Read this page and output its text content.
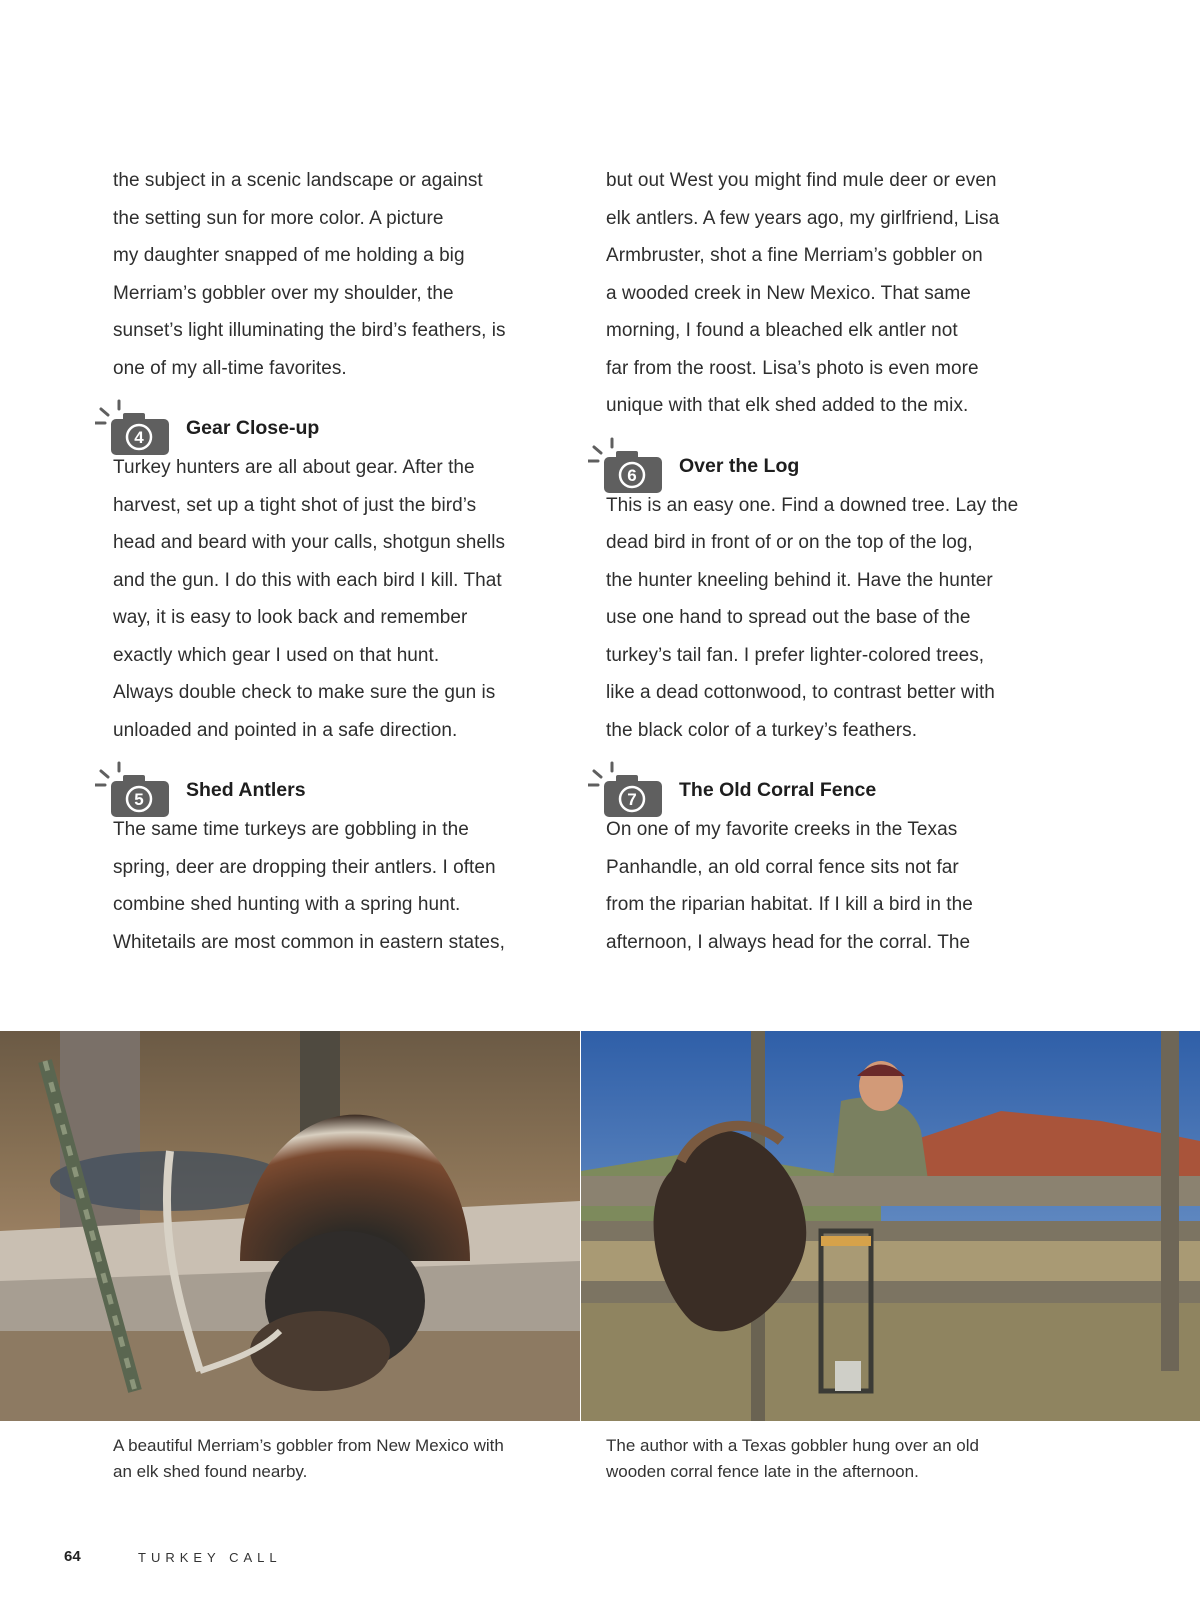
the subject in a scenic landscape or against

the setting sun for more color. A picture

my daughter snapped of me holding a big

Merriam’s gobbler over my shoulder, the

sunset’s light illuminating the bird’s feathers, is

one of my all-time favorites.

4 Gear Close-up

Turkey hunters are all about gear. After the

harvest, set up a tight shot of just the bird’s

head and beard with your calls, shotgun shells

and the gun. I do this with each bird I kill. That

way, it is easy to look back and remember

exactly which gear I used on that hunt.

Always double check to make sure the gun is

unloaded and pointed in a safe direction.

5 Shed Antlers

The same time turkeys are gobbling in the

spring, deer are dropping their antlers. I often

combine shed hunting with a spring hunt.

Whitetails are most common in eastern states,

but out West you might find mule deer or even

elk antlers. A few years ago, my girlfriend, Lisa

Armbruster, shot a fine Merriam’s gobbler on

a wooded creek in New Mexico. That same

morning, I found a bleached elk antler not

far from the roost. Lisa’s photo is even more

unique with that elk shed added to the mix.

6 Over the Log

This is an easy one. Find a downed tree. Lay the

dead bird in front of or on the top of the log,

the hunter kneeling behind it. Have the hunter

use one hand to spread out the base of the

turkey’s tail fan. I prefer lighter-colored trees,

like a dead cottonwood, to contrast better with

the black color of a turkey’s feathers.

7 The Old Corral Fence

On one of my favorite creeks in the Texas

Panhandle, an old corral fence sits not far

from the riparian habitat. If I kill a bird in the

afternoon, I always head for the corral. The

A beautiful Merriam’s gobbler from New Mexico with
an elk shed found nearby.
The author with a Texas gobbler hung over an old
wooden corral fence late in the afternoon.
64	TURKEY CALL
